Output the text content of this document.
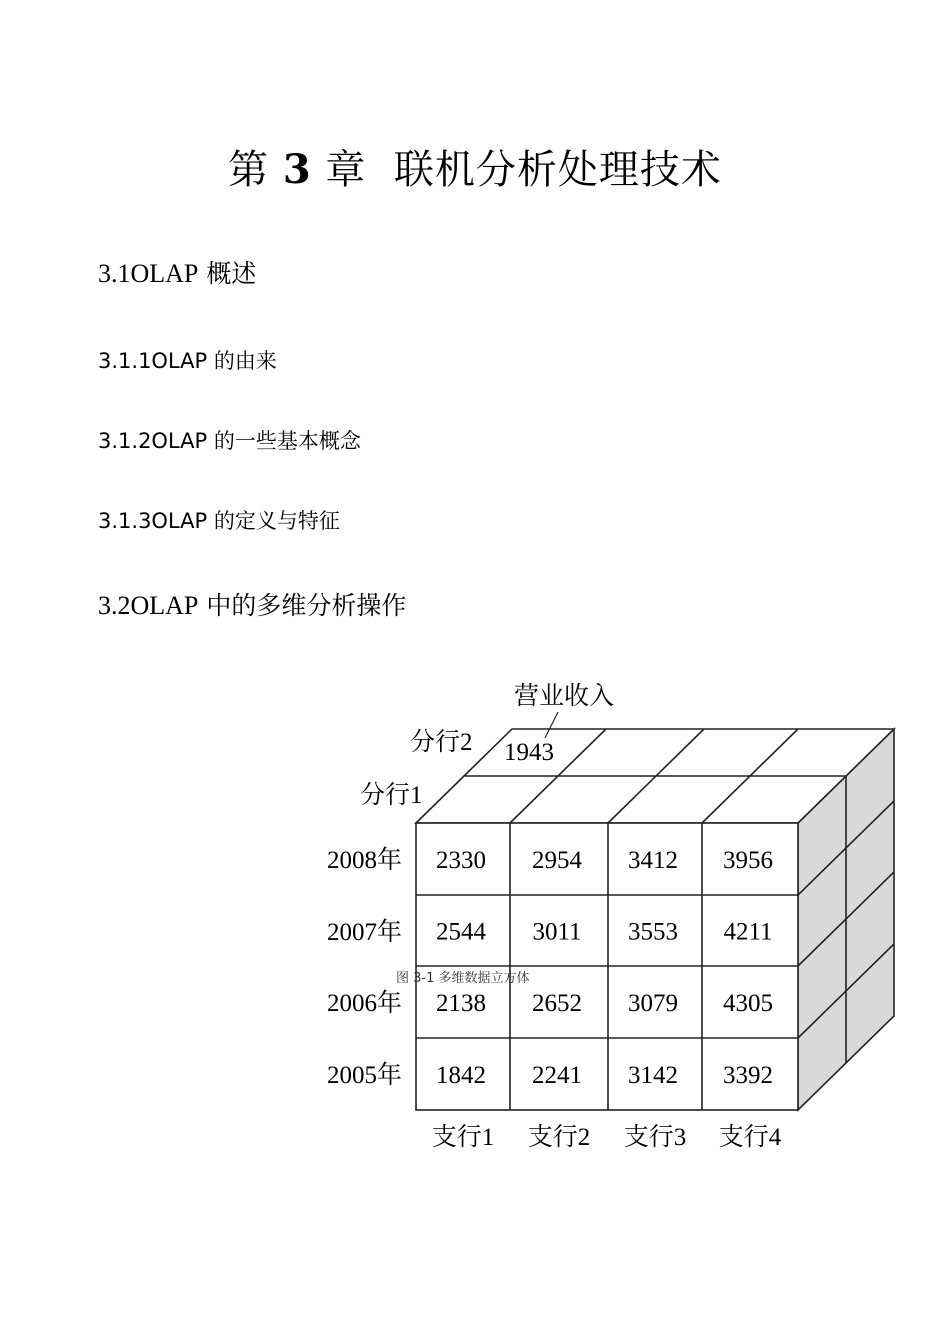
第 3 章 联机分析处理技术
3.1OLAP 概述
3.1.1OLAP 的由来
3.1.2OLAP 的一些基本概念
3.1.3OLAP 的定义与特征
3.2OLAP 中的多维分析操作
2330 2954 3412 3956
2008年
2544 3011 3553 4211
2007年
2138 2652 3079 4305
2006年
1842 2241 3142 3392
2005年
支行1 支行2 支行3 支行4
分行2
分行1
1943
营业收入
图 3-1 多维数据立方体
